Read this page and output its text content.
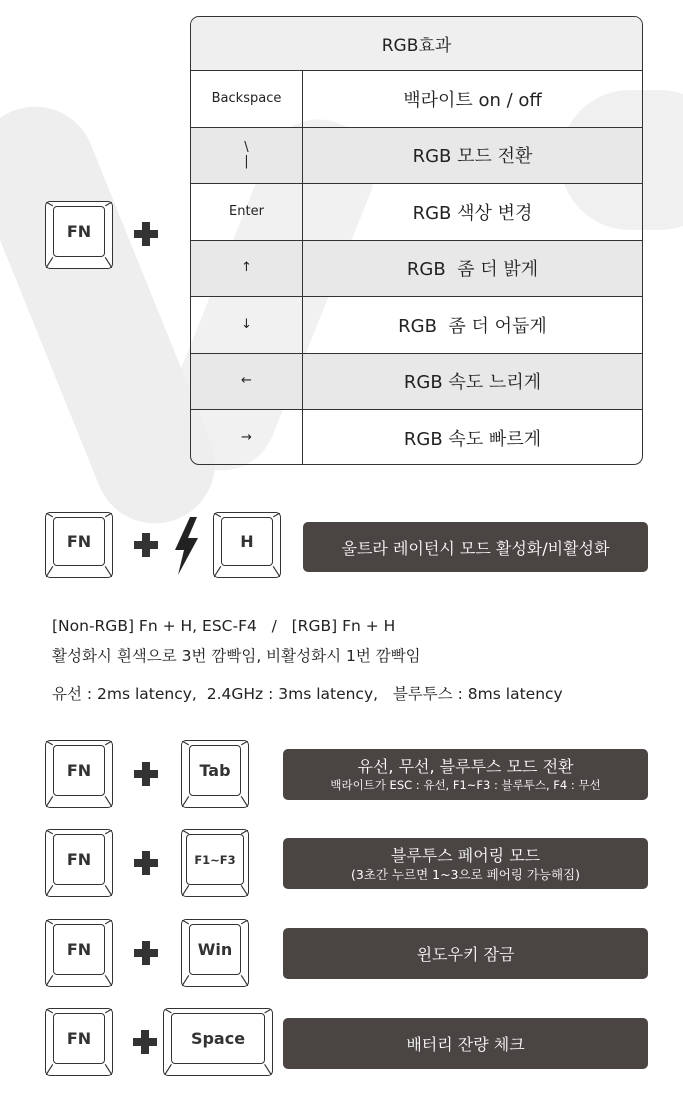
FN
RGB효과
Backspace	백라이트 on / off
\
|	RGB 모드 전환
Enter	RGB 색상 변경
↑	RGB  좀 더 밝게
↓	RGB  좀 더 어둡게
←	RGB 속도 느리게
→	RGB 속도 빠르게
FN	H	울트라 레이턴시 모드 활성화/비활성화
[Non-RGB] Fn + H, ESC-F4   /   [RGB] Fn + H
활성화시 흰색으로 3번 깜빡임, 비활성화시 1번 깜빡임
유선 : 2ms latency,  2.4GHz : 3ms latency,   블루투스 : 8ms latency
FN	Tab	유선, 무선, 블루투스 모드 전환
백라이트가 ESC : 유선, F1~F3 : 블루투스, F4 : 무선
FN	F1~F3	블루투스 페어링 모드
(3초간 누르면 1~3으로 페어링 가능해짐)
FN	Win	윈도우키 잠금
FN	Space	배터리 잔량 체크
